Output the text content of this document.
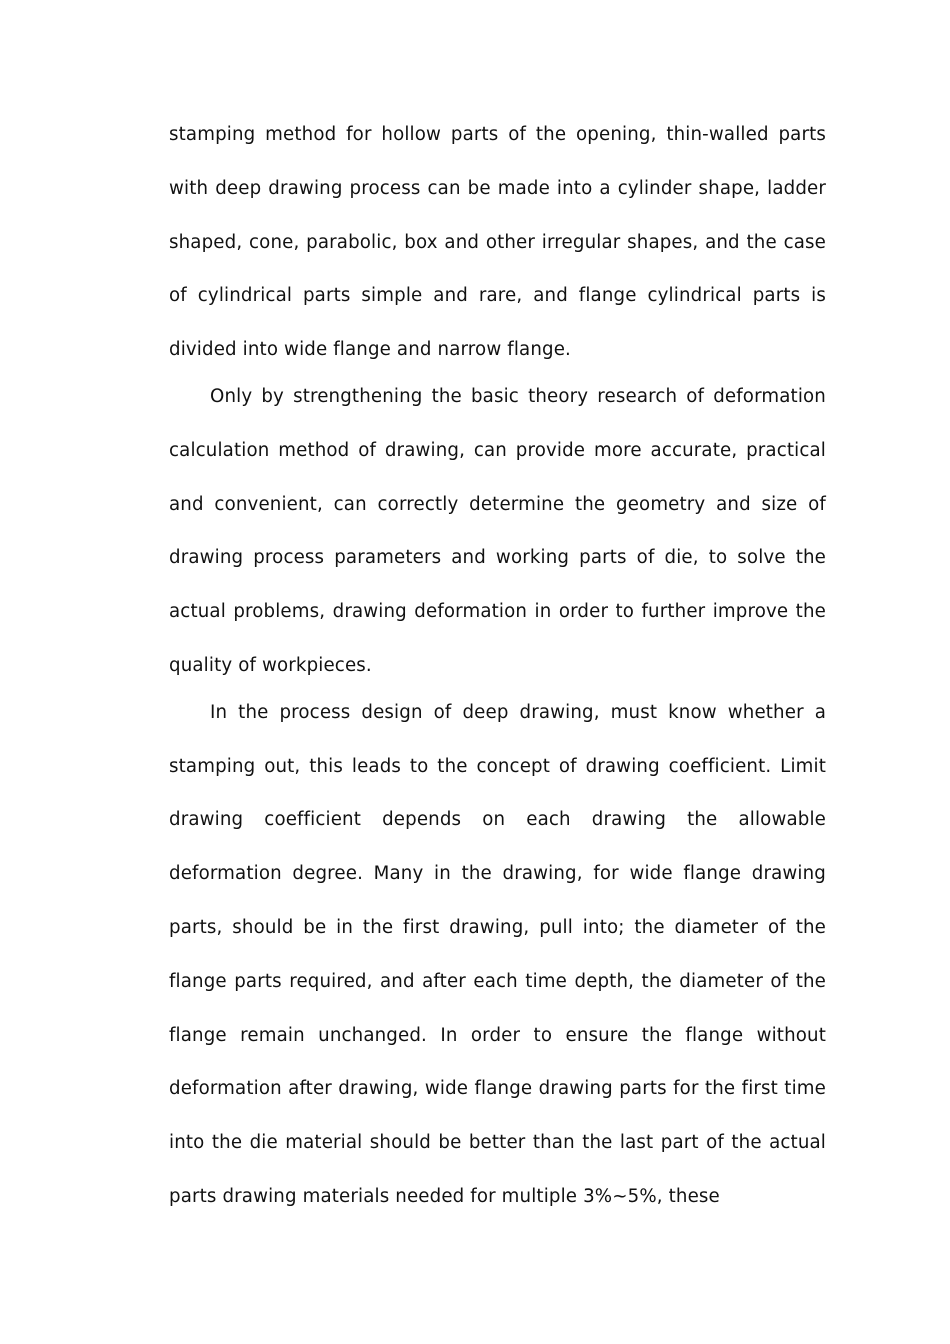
stamping method for hollow parts of the opening, thin-walled parts with deep drawing process can be made into a cylinder shape, ladder shaped, cone, parabolic, box and other irregular shapes, and the case of cylindrical parts simple and rare, and flange cylindrical parts is divided into wide flange and narrow flange.

Only by strengthening the basic theory research of deformation calculation method of drawing, can provide more accurate, practical and convenient, can correctly determine the geometry and size of drawing process parameters and working parts of die, to solve the actual problems, drawing deformation in order to further improve the quality of workpieces.

In the process design of deep drawing, must know whether a stamping out, this leads to the concept of drawing coefficient. Limit drawing coefficient depends on each drawing the allowable deformation degree. Many in the drawing, for wide flange drawing parts, should be in the first drawing, pull into; the diameter of the flange parts required, and after each time depth, the diameter of the flange remain unchanged. In order to ensure the flange without deformation after drawing, wide flange drawing parts for the first time into the die material should be better than the last part of the actual parts drawing materials needed for multiple 3%~5%, these
